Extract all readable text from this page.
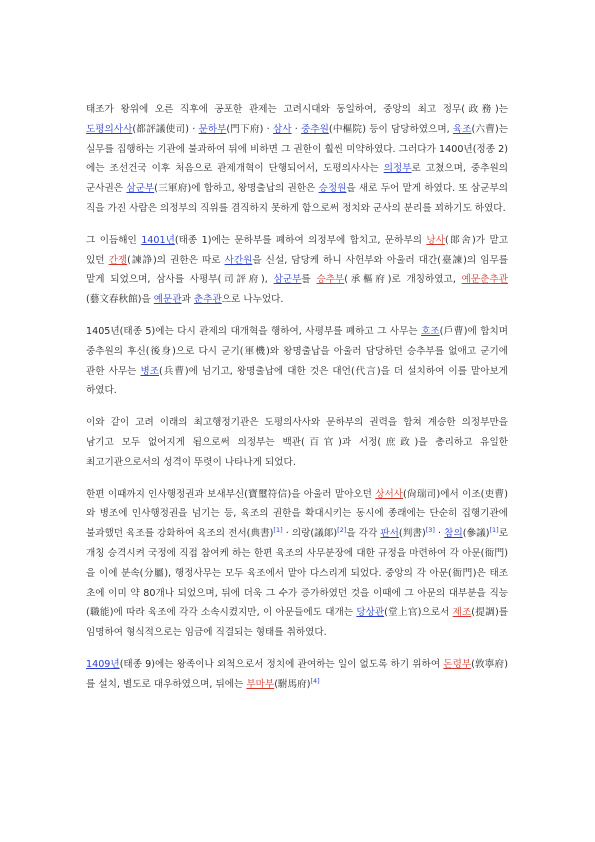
태조가 왕위에 오른 직후에 공포한 관제는 고려시대와 동일하여, 중앙의 최고 정무(政務)는 도평의사사(都評議使司) · 문하부(門下府) · 삼사 · 중추원(中樞院) 등이 담당하였으며, 육조(六曹)는 실무를 집행하는 기관에 불과하여 뒤에 비하면 그 권한이 훨씬 미약하였다. 그러다가 1400년(정종 2)에는 조선건국 이후 처음으로 관제개혁이 단행되어서, 도평의사사는 의정부로 고쳤으며, 중추원의 군사권은 삼군부(三軍府)에 합하고, 왕명출납의 권한은 승정원을 새로 두어 맡게 하였다. 또 삼군부의 직을 가진 사람은 의정부의 직위를 겸직하지 못하게 함으로써 정치와 군사의 분리를 꾀하기도 하였다.

그 이듬해인 1401년(태종 1)에는 문하부를 폐하여 의정부에 합치고, 문하부의 낭사(郞舍)가 맡고 있던 간쟁(諫諍)의 권한은 따로 사간원을 신설, 담당케 하니 사헌부와 아울러 대간(臺諫)의 임무를 맡게 되었으며, 삼사를 사평부(司評府), 삼군부를 승추부(承樞府)로 개칭하였고, 예문춘추관(藝文春秋館)을 예문관과 춘추관으로 나누었다.

1405년(태종 5)에는 다시 관제의 대개혁을 행하여, 사평부를 폐하고 그 사무는 호조(戶曹)에 합치며 중추원의 후신(後身)으로 다시 군기(軍機)와 왕명출납을 아울러 담당하던 승추부를 없애고 군기에 관한 사무는 병조(兵曹)에 넘기고, 왕명출납에 대한 것은 대언(代言)을 더 설치하여 이를 맡아보게 하였다.

이와 같이 고려 이래의 최고행정기관은 도평의사사와 문하부의 권력을 합쳐 계승한 의정부만을 남기고 모두 없어지게 됨으로써 의정부는 백관(百官)과 서정(庶政)을 총리하고 유일한 최고기관으로서의 성격이 뚜렷이 나타나게 되었다.

한편 이때까지 인사행정권과 보새부신(寶璽符信)을 아울러 맡아오던 상서사(尙瑞司)에서 이조(吏曹)와 병조에 인사행정권을 넘기는 등, 육조의 권한을 확대시키는 동시에 종래에는 단순히 집행기관에 불과했던 육조를 강화하여 육조의 전서(典書)[1] · 의랑(議郞)[2]을 각각 판서(判書)[3] · 참의(參議)[1]로 개칭 승격시켜 국정에 직접 참여케 하는 한편 육조의 사무분장에 대한 규정을 마련하여 각 아문(衙門)을 이에 분속(分屬), 행정사무는 모두 육조에서 맡아 다스리게 되었다. 중앙의 각 아문(衙門)은 태조 초에 이미 약 80개나 되었으며, 뒤에 더욱 그 수가 증가하였던 것을 이때에 그 아문의 대부분을 직능(職能)에 따라 육조에 각각 소속시켰지만, 이 아문들에도 대개는 당상관(堂上官)으로서 제조(提調)를 임명하여 형식적으로는 임금에 직결되는 형태를 취하였다.

1409년(태종 9)에는 왕족이나 외척으로서 정치에 관여하는 일이 없도록 하기 위하여 돈령부(敦寧府)를 설치, 별도로 대우하였으며, 뒤에는 부마부(駙馬府)[4]
